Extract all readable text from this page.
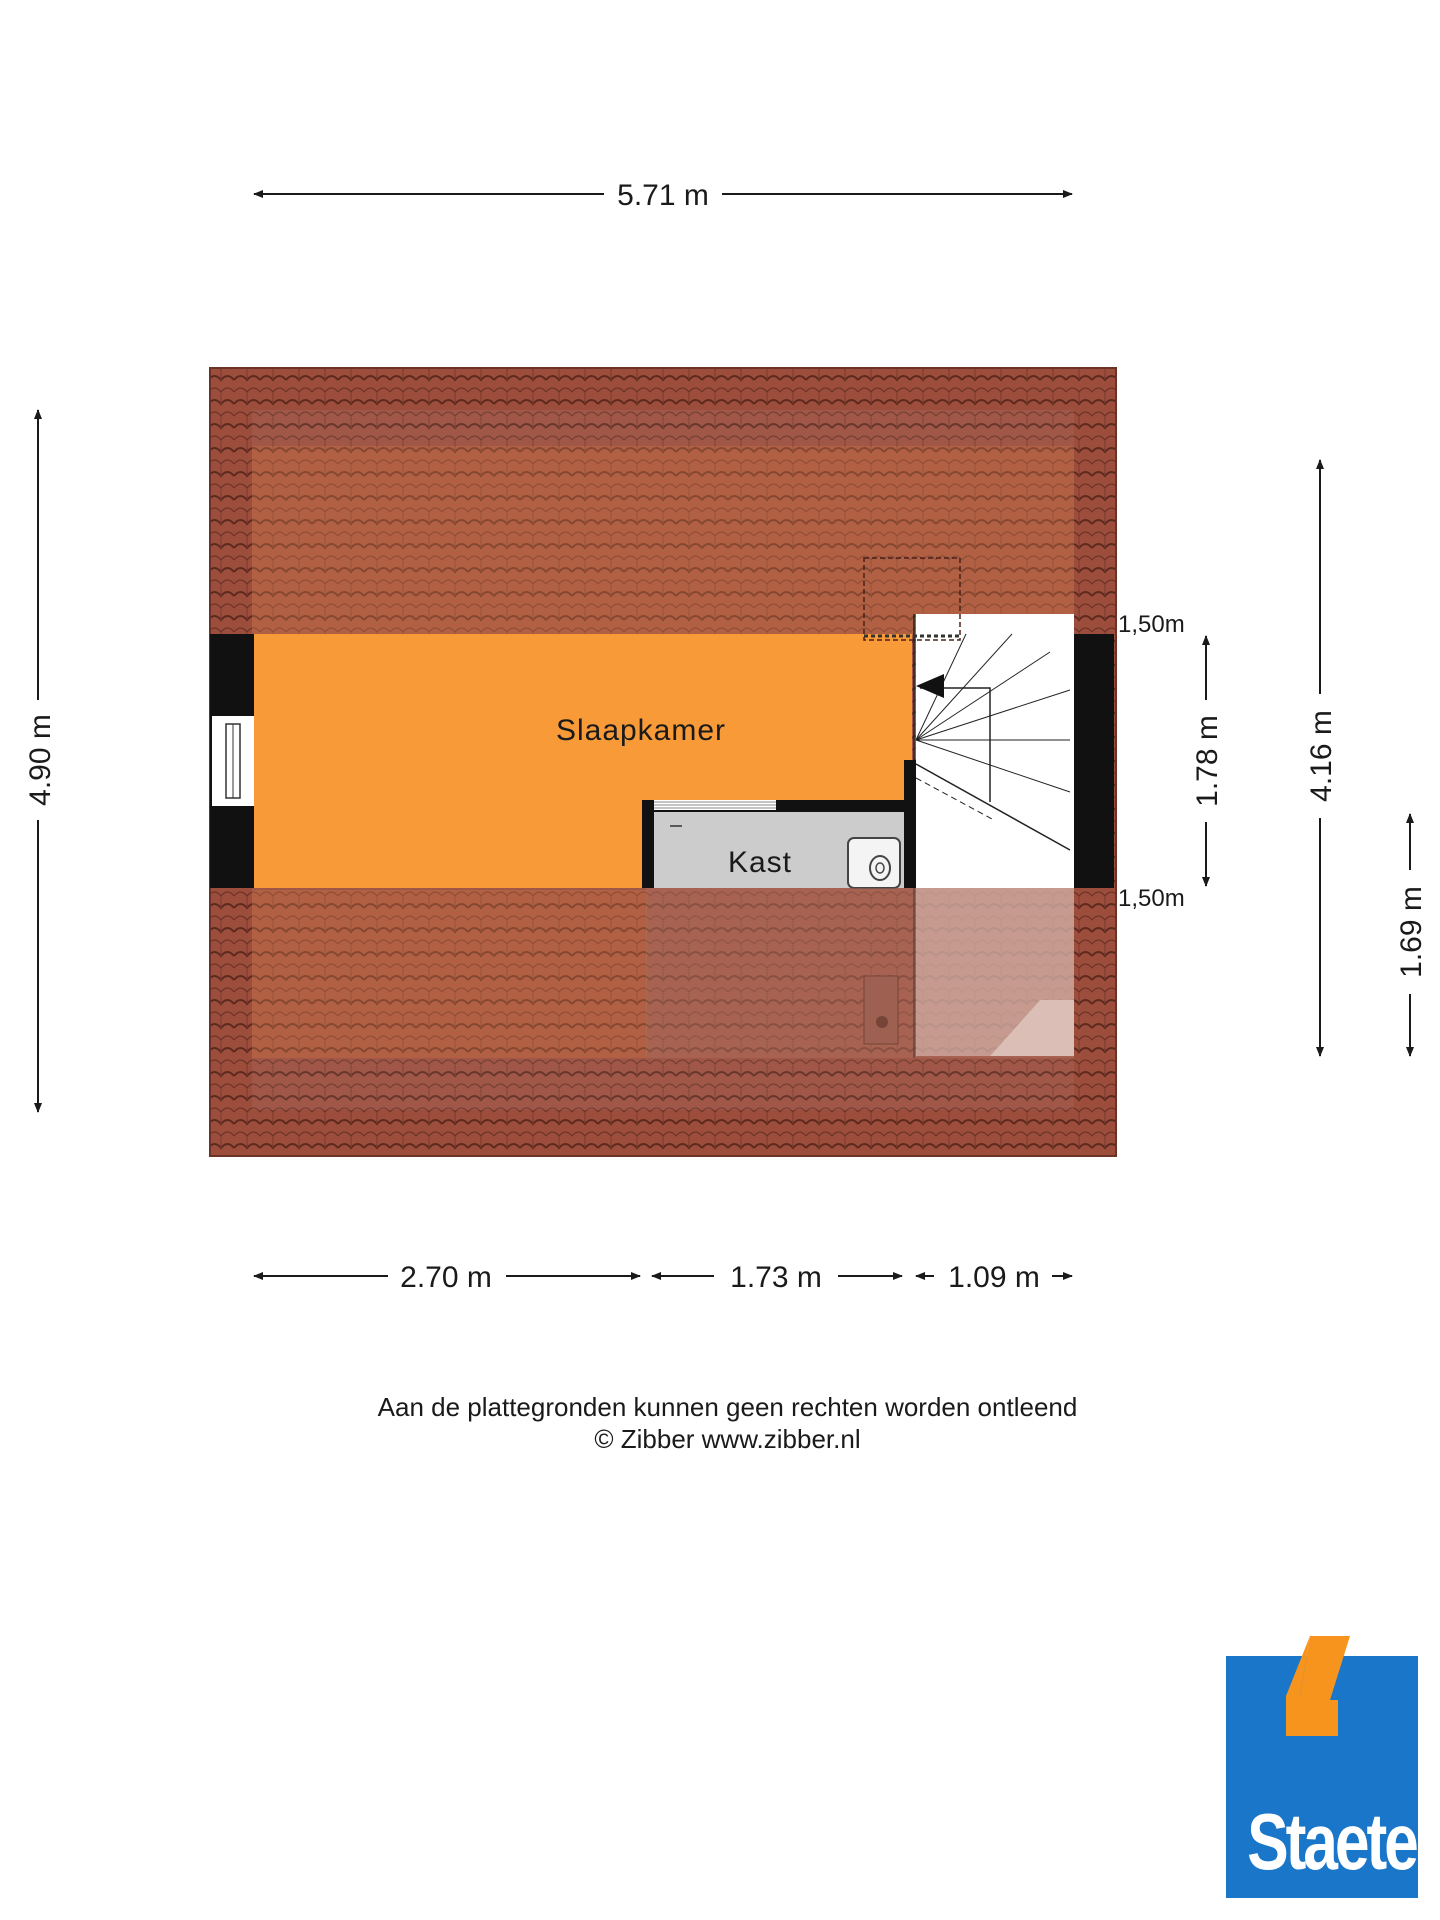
Slaapkamer
Kast
5.71 m
4.90 m
2.70 m	1.73 m	1.09 m
1.78 m	4.16 m
1.69 m
1,50m
1,50m
Aan de plattegronden kunnen geen rechten worden ontleend
© Zibber www.zibber.nl
Staete
